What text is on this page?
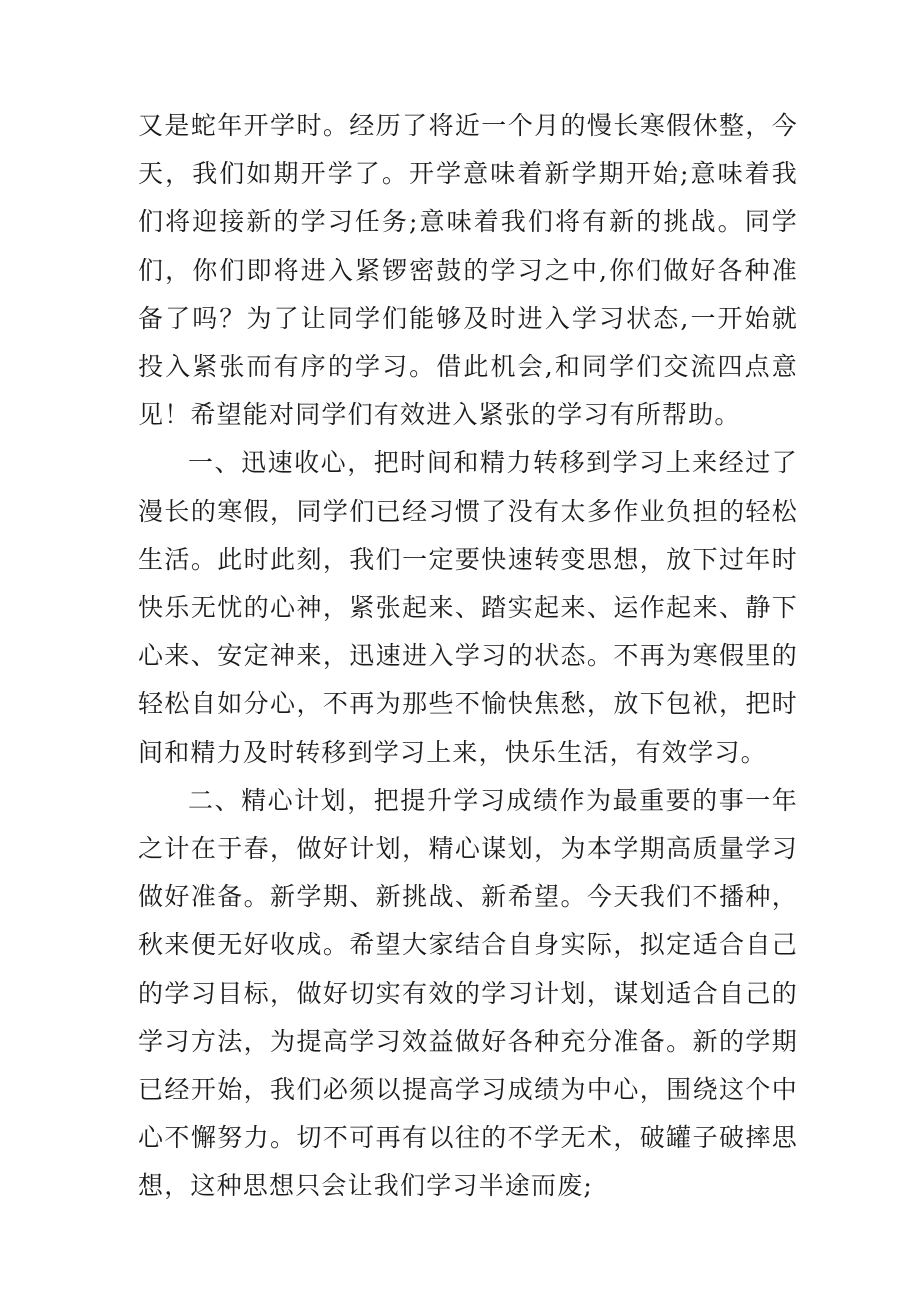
又是蛇年开学时。经历了将近一个月的慢长寒假休整，今天，我们如期开学了。开学意味着新学期开始;意味着我们将迎接新的学习任务;意味着我们将有新的挑战。同学们，你们即将进入紧锣密鼓的学习之中,你们做好各种准备了吗？为了让同学们能够及时进入学习状态,一开始就投入紧张而有序的学习。借此机会,和同学们交流四点意见！希望能对同学们有效进入紧张的学习有所帮助。

一、迅速收心，把时间和精力转移到学习上来经过了漫长的寒假，同学们已经习惯了没有太多作业负担的轻松生活。此时此刻，我们一定要快速转变思想，放下过年时快乐无忧的心神，紧张起来、踏实起来、运作起来、静下心来、安定神来，迅速进入学习的状态。不再为寒假里的轻松自如分心，不再为那些不愉快焦愁，放下包袱，把时间和精力及时转移到学习上来，快乐生活，有效学习。

二、精心计划，把提升学习成绩作为最重要的事一年之计在于春，做好计划，精心谋划，为本学期高质量学习做好准备。新学期、新挑战、新希望。今天我们不播种，秋来便无好收成。希望大家结合自身实际，拟定适合自己的学习目标，做好切实有效的学习计划，谋划适合自己的学习方法，为提高学习效益做好各种充分准备。新的学期已经开始，我们必须以提高学习成绩为中心，围绕这个中心不懈努力。切不可再有以往的不学无术，破罐子破摔思想，这种思想只会让我们学习半途而废;
